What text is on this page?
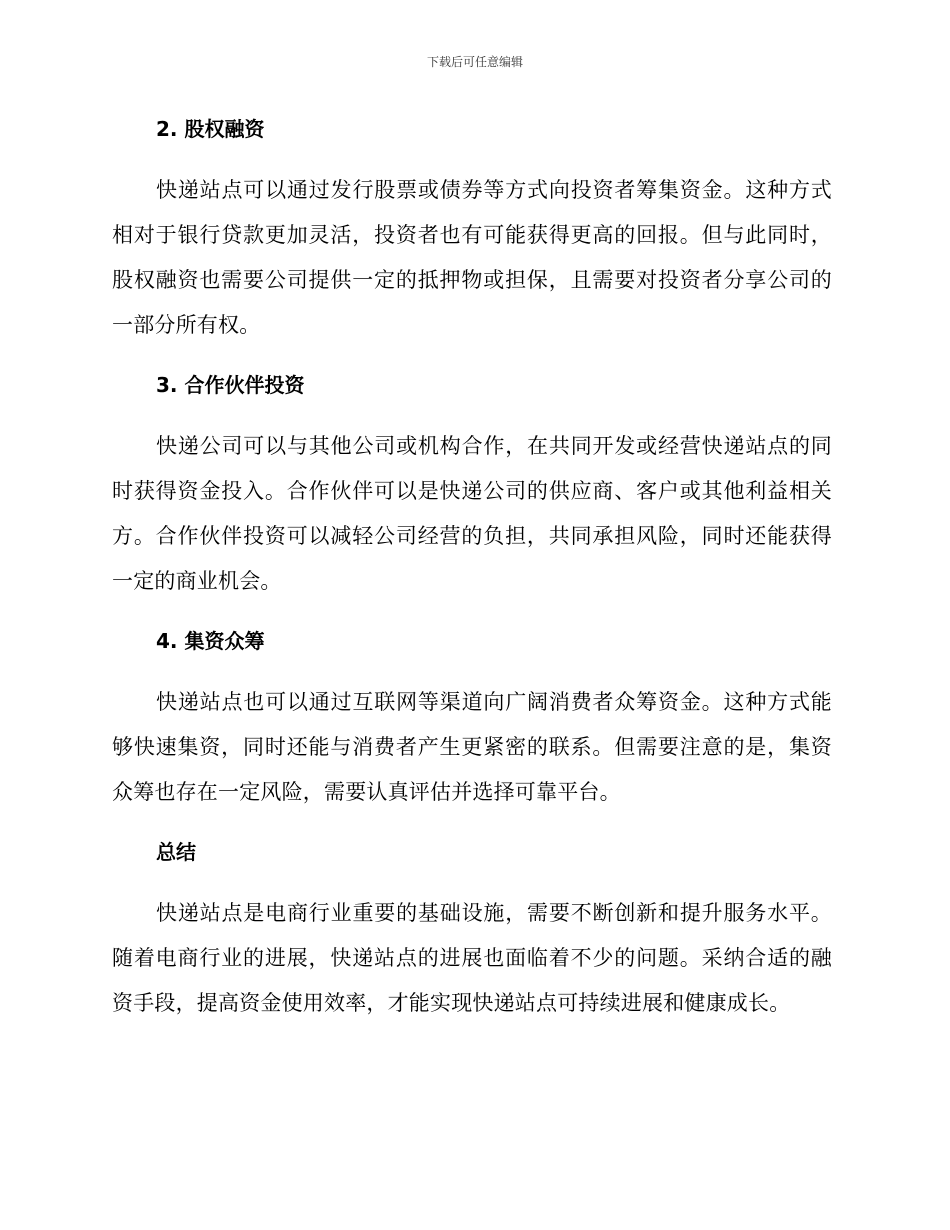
下载后可任意编辑
2. 股权融资

快递站点可以通过发行股票或债券等方式向投资者筹集资金。这种方式相对于银行贷款更加灵活，投资者也有可能获得更高的回报。但与此同时，股权融资也需要公司提供一定的抵押物或担保，且需要对投资者分享公司的一部分所有权。

3. 合作伙伴投资

快递公司可以与其他公司或机构合作，在共同开发或经营快递站点的同时获得资金投入。合作伙伴可以是快递公司的供应商、客户或其他利益相关方。合作伙伴投资可以减轻公司经营的负担，共同承担风险，同时还能获得一定的商业机会。

4. 集资众筹

快递站点也可以通过互联网等渠道向广阔消费者众筹资金。这种方式能够快速集资，同时还能与消费者产生更紧密的联系。但需要注意的是，集资众筹也存在一定风险，需要认真评估并选择可靠平台。

总结

快递站点是电商行业重要的基础设施，需要不断创新和提升服务水平。随着电商行业的进展，快递站点的进展也面临着不少的问题。采纳合适的融资手段，提高资金使用效率，才能实现快递站点可持续进展和健康成长。
